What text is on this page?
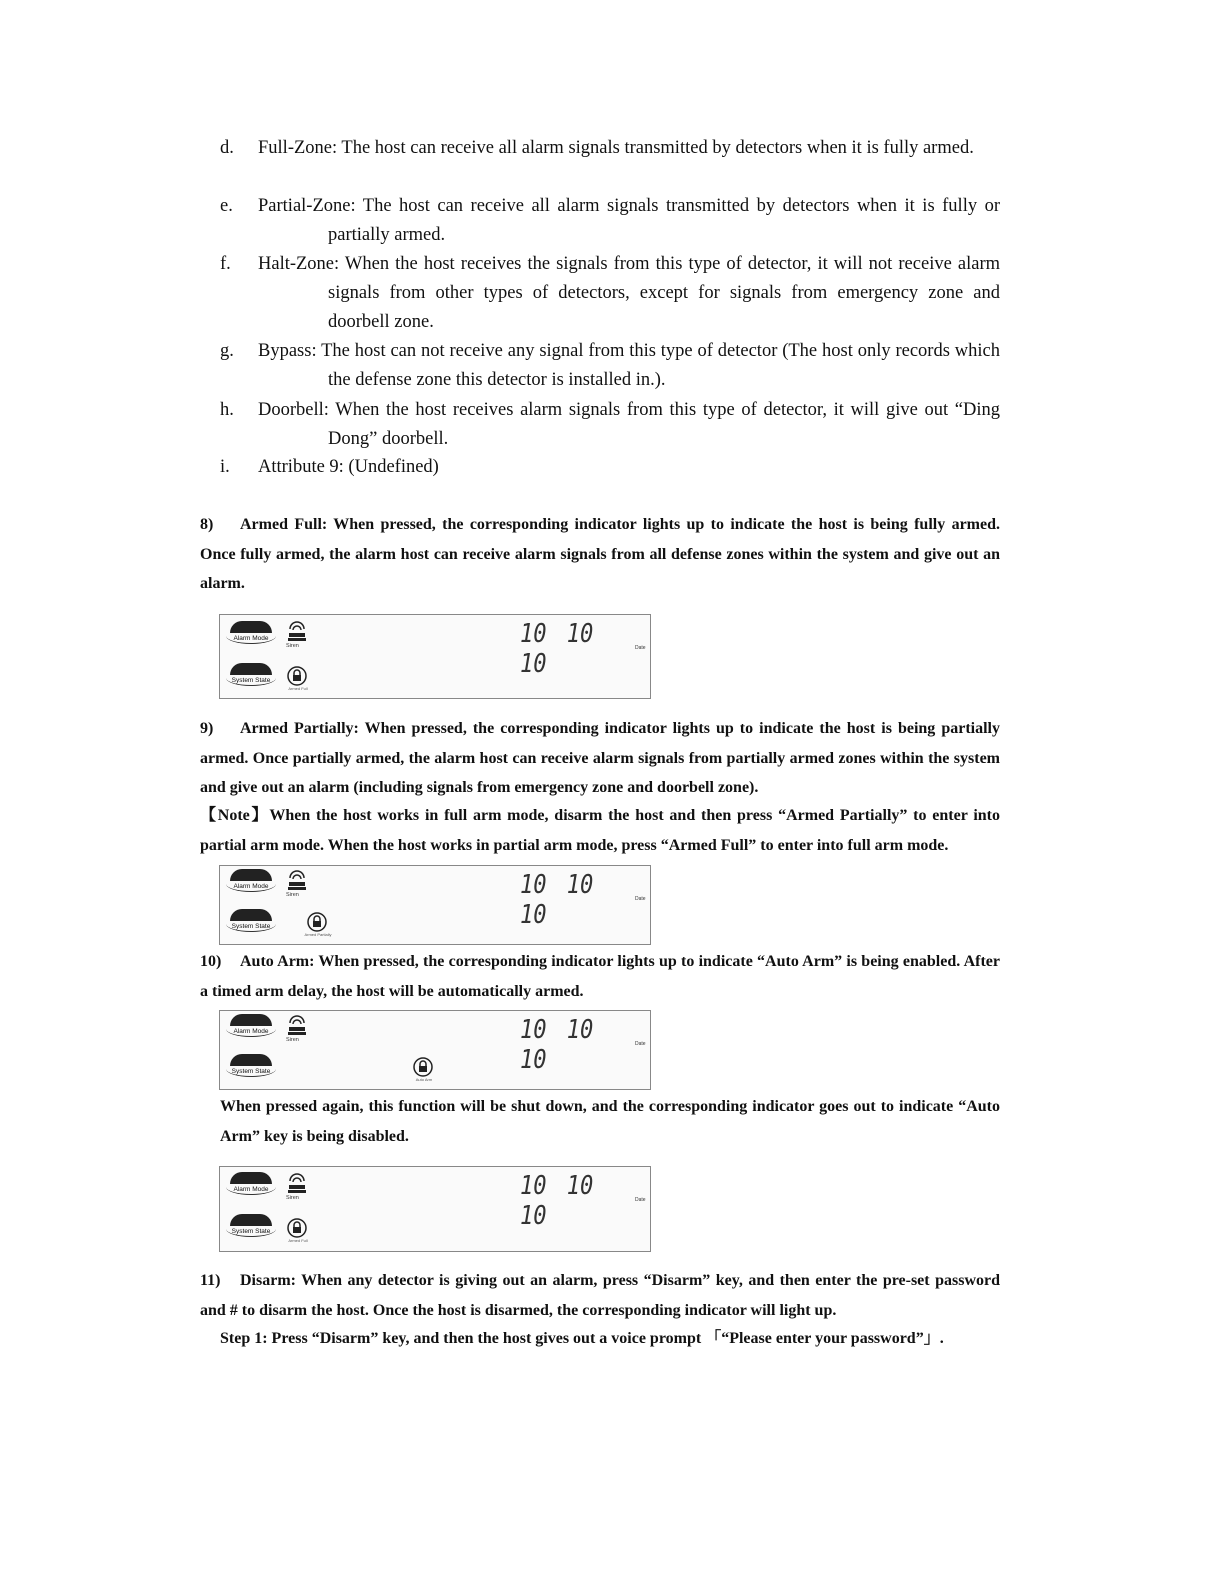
d.	Full-Zone: The host can receive all alarm signals transmitted by detectors when it is fully armed.
e.	Partial-Zone: The host can receive all alarm signals transmitted by detectors when it is fully or partially armed.
f.	Halt-Zone: When the host receives the signals from this type of detector, it will not receive alarm signals from other types of detectors, except for signals from emergency zone and doorbell zone.
g.	Bypass: The host can not receive any signal from this type of detector (The host only records which the defense zone this detector is installed in.).
h.	Doorbell: When the host receives alarm signals from this type of detector, it will give out “Ding Dong” doorbell.
i.	Attribute 9: (Undefined)
8) Armed Full: When pressed, the corresponding indicator lights up to indicate the host is being fully armed. Once fully armed, the alarm host can receive alarm signals from all defense zones within the system and give out an alarm.
Alarm Mode
System State
Siren
Armed Full
10 10 10
Date
9) Armed Partially: When pressed, the corresponding indicator lights up to indicate the host is being partially armed. Once partially armed, the alarm host can receive alarm signals from partially armed zones within the system and give out an alarm (including signals from emergency zone and doorbell zone).
【Note】When the host works in full arm mode, disarm the host and then press “Armed Partially” to enter into partial arm mode. When the host works in partial arm mode, press “Armed Full” to enter into full arm mode.
Alarm Mode
System State
Siren
Armed Partially
10 10 10
Date
10) Auto Arm: When pressed, the corresponding indicator lights up to indicate “Auto Arm” is being enabled. After a timed arm delay, the host will be automatically armed.
Alarm Mode
System State
Siren
Auto Arm
10 10 10
Date
When pressed again, this function will be shut down, and the corresponding indicator goes out to indicate “Auto Arm” key is being disabled.
Alarm Mode
System State
Siren
Armed Full
10 10 10
Date
11) Disarm: When any detector is giving out an alarm, press “Disarm” key, and then enter the pre-set password and # to disarm the host. Once the host is disarmed, the corresponding indicator will light up.
Step 1: Press “Disarm” key, and then the host gives out a voice prompt 「“Please enter your password”」.
